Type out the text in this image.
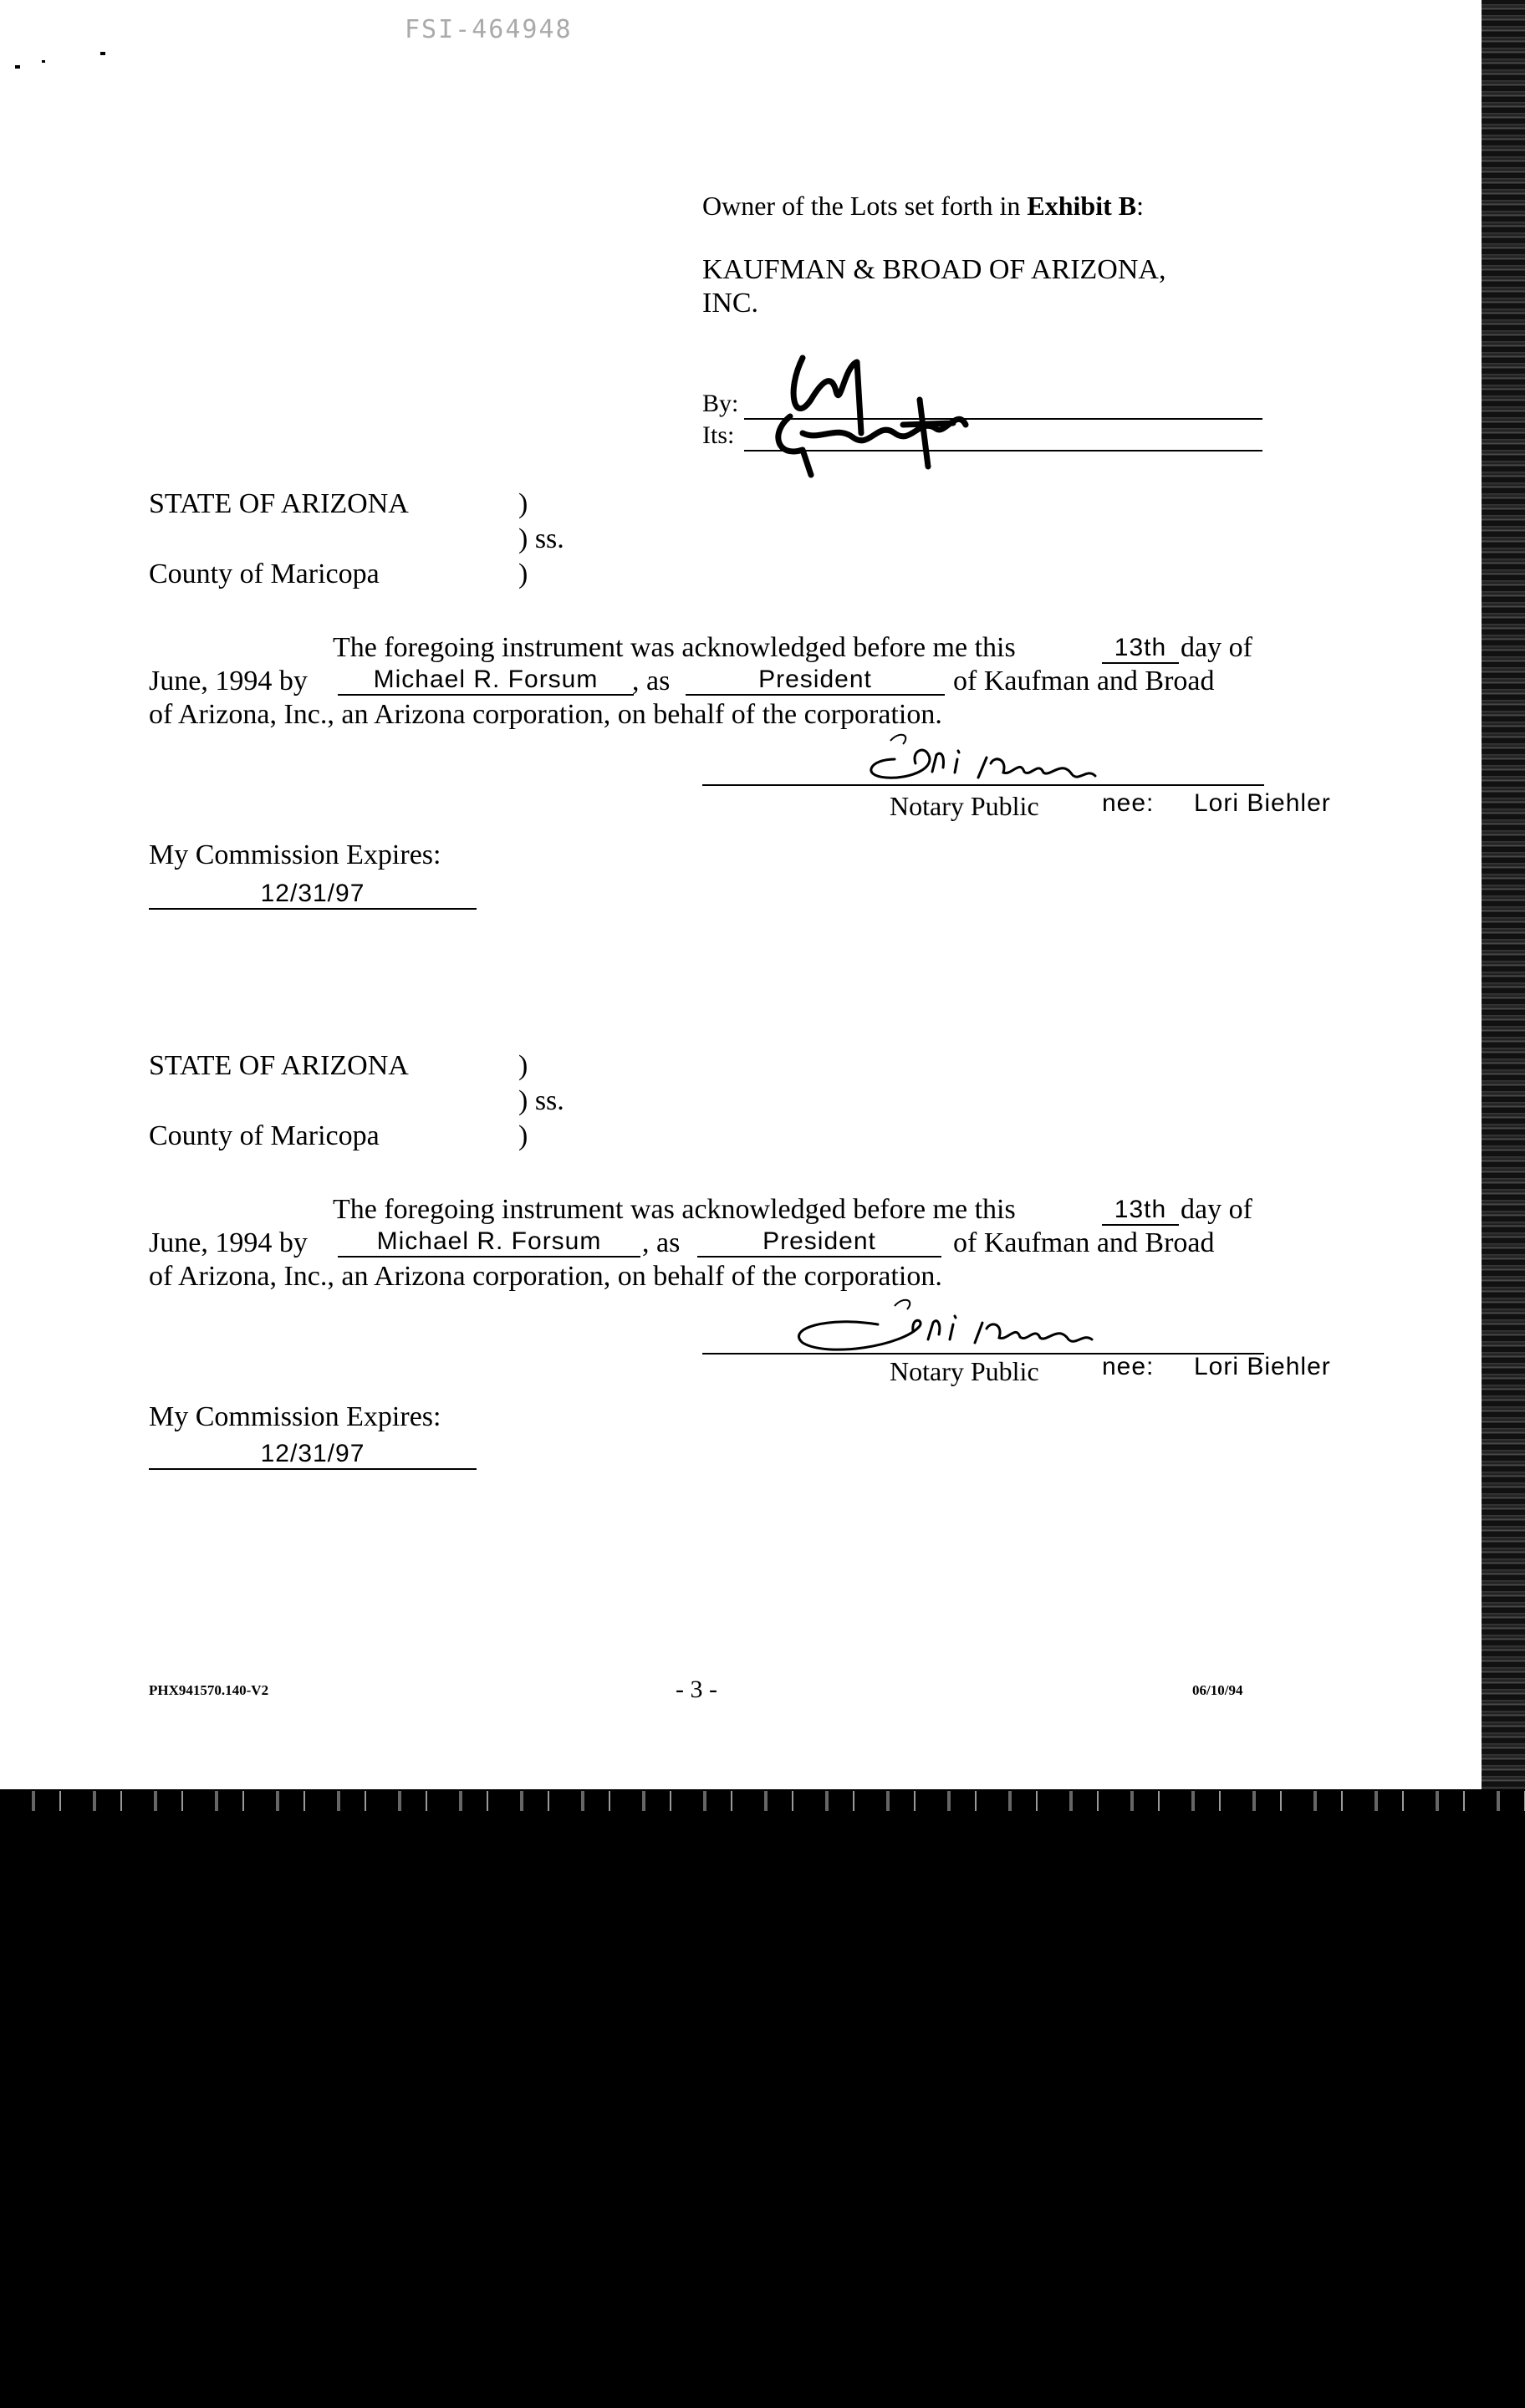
FSI-464948
Owner of the Lots set forth in Exhibit B:
KAUFMAN & BROAD OF ARIZONA,
INC.
By:
Its:
STATE OF ARIZONA	)
) ss.
County of Maricopa	)
The foregoing instrument was acknowledged before me this	13th day of
June, 1994 by	Michael R. Forsum	, as	President	of Kaufman and Broad
of Arizona, Inc., an Arizona corporation, on behalf of the corporation.
Notary Public	nee: Lori Biehler
My Commission Expires:
12/31/97
STATE OF ARIZONA	)
) ss.
County of Maricopa	)
The foregoing instrument was acknowledged before me this	13th day of
June, 1994 by	Michael R. Forsum	, as	President	of Kaufman and Broad
of Arizona, Inc., an Arizona corporation, on behalf of the corporation.
Notary Public	nee: Lori Biehler
My Commission Expires:
12/31/97
PHX941570.140-V2	- 3 -	06/10/94
